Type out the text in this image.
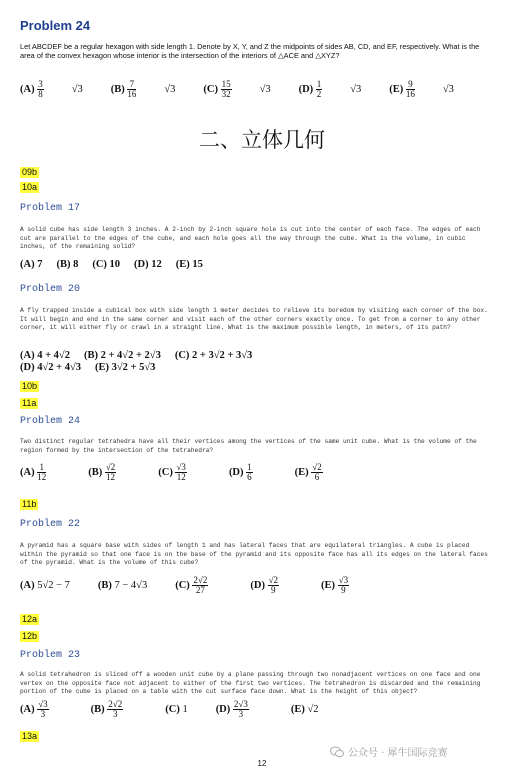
Problem 24
Let ABCDEF be a regular hexagon with side length 1. Denote by X, Y, and Z the midpoints of sides AB, CD, and EF, respectively. What is the area of the convex hexagon whose interior is the intersection of the interiors of △ACE and △XYZ?
$(A) \frac{3}{8} √3$	$(B) \frac{7}{16} √3$	$(C) \frac{15}{32} √3$	$(D) \frac{1}{2} √3$	$(E) \frac{9}{16} √3$
二、立体几何
09b
10a
Problem 17
A solid cube has side length 3 inches. A 2-inch by 2-inch square hole is cut into the center of each face. The edges of each cut are parallel to the edges of the cube, and each hole goes all the way through the cube. What is the volume, in cubic inches, of the remaining solid?
(A) 7 (B) 8 (C) 10 (D) 12 (E) 15
Problem 20
A fly trapped inside a cubical box with side length 1 meter decides to relieve its boredom by visiting each corner of the box. It will begin and end in the same corner and visit each of the other corners exactly once. To get from a corner to any other corner, it will either fly or crawl in a straight line. What is the maximum possible length, in meters, of its path?
(A) 4 + 4√2 (B) 2 + 4√2 + 2√3 (C) 2 + 3√2 + 3√3
(D) 4√2 + 4√3 (E) 3√2 + 5√3
10b
11a
Problem 24
Two distinct regular tetrahedra have all their vertices among the vertices of the same unit cube. What is the volume of the region formed by the intersection of the tetrahedra?
$(A) \frac{1}{12}$	$(B) \frac{√2}{12}$	$(C) \frac{√3}{12}$	$(D) \frac{1}{6}$	$(E) \frac{√2}{6}$
11b
Problem 22
A pyramid has a square base with sides of length 1 and has lateral faces that are equilateral triangles. A cube is placed within the pyramid so that one face is on the base of the pyramid and its opposite face has all its edges on the lateral faces of the pyramid. What is the volume of this cube?
(A) 5√2 − 7	(B) 7 − 4√3	$(C) \frac{2√2}{27}$	$(D) \frac{√2}{9}$	$(E) \frac{√3}{9}$
12a
12b
Problem 23
A solid tetrahedron is sliced off a wooden unit cube by a plane passing through two nonadjacent vertices on one face and one vertex on the opposite face not adjacent to either of the first two vertices. The tetrahedron is discarded and the remaining portion of the cube is placed on a table with the cut surface face down. What is the height of this object?
$(A) \frac{√3}{3}$	$(B) \frac{2√2}{3}$	(C) 1	$(D) \frac{2√3}{3}$	(E) √2
13a
公众号 · 犀牛国际竞赛
12
